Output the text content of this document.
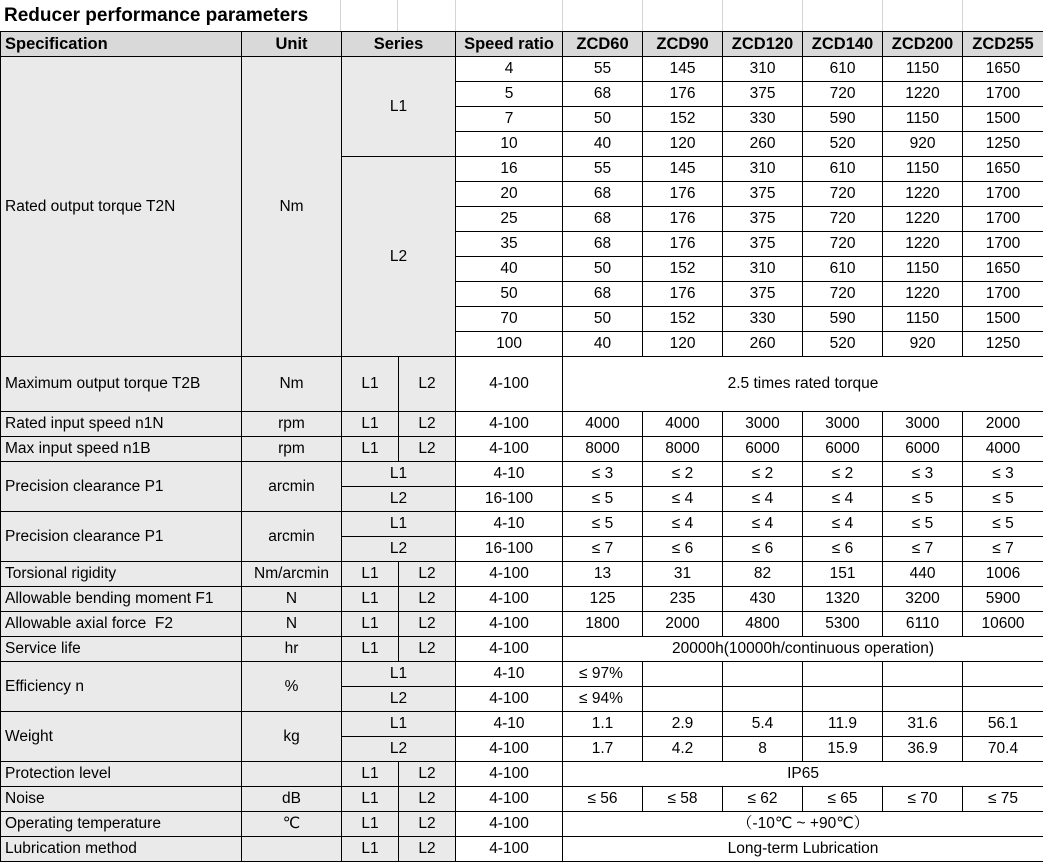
Reducer performance parameters
Specification	Unit	Series		Speed ratio	ZCD60	ZCD90	ZCD120	ZCD140	ZCD200	ZCD255
Rated output torque T2N	Nm	L1		4	55	145	310	610	1150	1650
				5	68	176	375	720	1220	1700
				7	50	152	330	590	1150	1500
				10	40	120	260	520	920	1250
		L2		16	55	145	310	610	1150	1650
				20	68	176	375	720	1220	1700
				25	68	176	375	720	1220	1700
				35	68	176	375	720	1220	1700
				40	50	152	310	610	1150	1650
				50	68	176	375	720	1220	1700
				70	50	152	330	590	1150	1500
				100	40	120	260	520	920	1250
Maximum output torque T2B	Nm	L1	L2	4-100	2.5 times rated torque					
Rated input speed n1N	rpm	L1	L2	4-100	4000	4000	3000	3000	3000	2000
Max input speed n1B	rpm	L1	L2	4-100	8000	8000	6000	6000	6000	4000
Precision clearance P1	arcmin	L1		4-10	≤ 3	≤ 2	≤ 2	≤ 2	≤ 3	≤ 3
		L2		16-100	≤ 5	≤ 4	≤ 4	≤ 4	≤ 5	≤ 5
Precision clearance P1	arcmin	L1		4-10	≤ 5	≤ 4	≤ 4	≤ 4	≤ 5	≤ 5
		L2		16-100	≤ 7	≤ 6	≤ 6	≤ 6	≤ 7	≤ 7
Torsional rigidity	Nm/arcmin	L1	L2	4-100	13	31	82	151	440	1006
Allowable bending moment F1	N	L1	L2	4-100	125	235	430	1320	3200	5900
Allowable axial force  F2	N	L1	L2	4-100	1800	2000	4800	5300	6110	10600
Service life	hr	L1	L2	4-100	20000h(10000h/continuous operation)					
Efficiency n	%	L1		4-10	≤ 97%					
		L2		4-100	≤ 94%					
Weight	kg	L1		4-10	1.1	2.9	5.4	11.9	31.6	56.1
		L2		4-100	1.7	4.2	8	15.9	36.9	70.4
Protection level		L1	L2	4-100	IP65					
Noise	dB	L1	L2	4-100	≤ 56	≤ 58	≤ 62	≤ 65	≤ 70	≤ 75
Operating temperature	℃	L1	L2	4-100	（-10℃ ~ +90℃）					
Lubrication method		L1	L2	4-100	Long-term Lubrication					
